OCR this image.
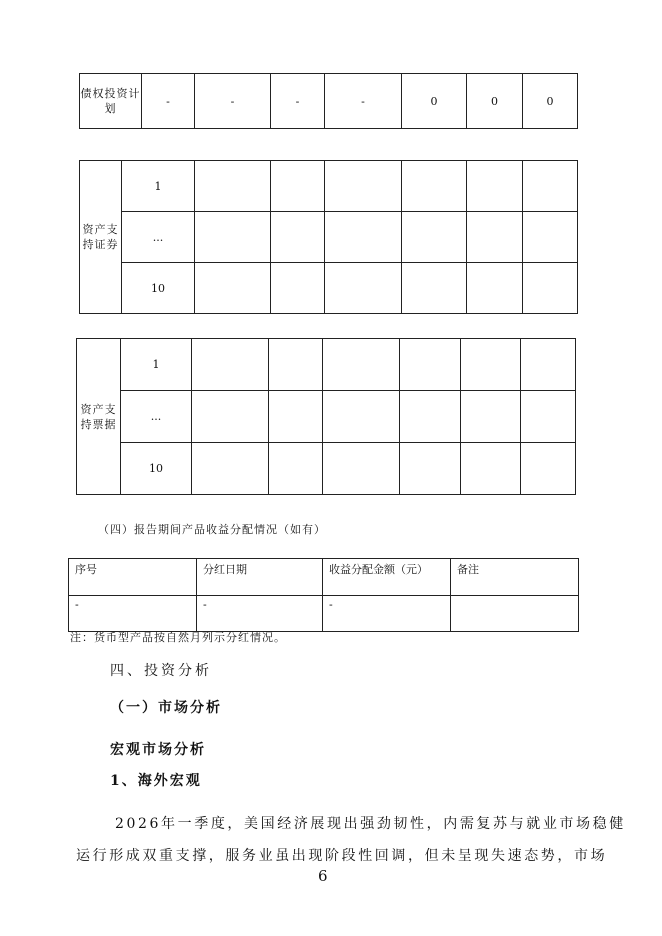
债权投资计划	-	-	-	-	0	0	0
资产支持证券	1						
	...						
	10						
资产支持票据	1						
	...						
	10						

（四）报告期间产品收益分配情况（如有）

序号	分红日期	收益分配金额（元）	备注
-	-	-	

注：货币型产品按自然月列示分红情况。

四、投资分析

（一）市场分析

宏观市场分析

1、海外宏观

2026年一季度，美国经济展现出强劲韧性，内需复苏与就业市场稳健

运行形成双重支撑，服务业虽出现阶段性回调，但未呈现失速态势，市场

6
